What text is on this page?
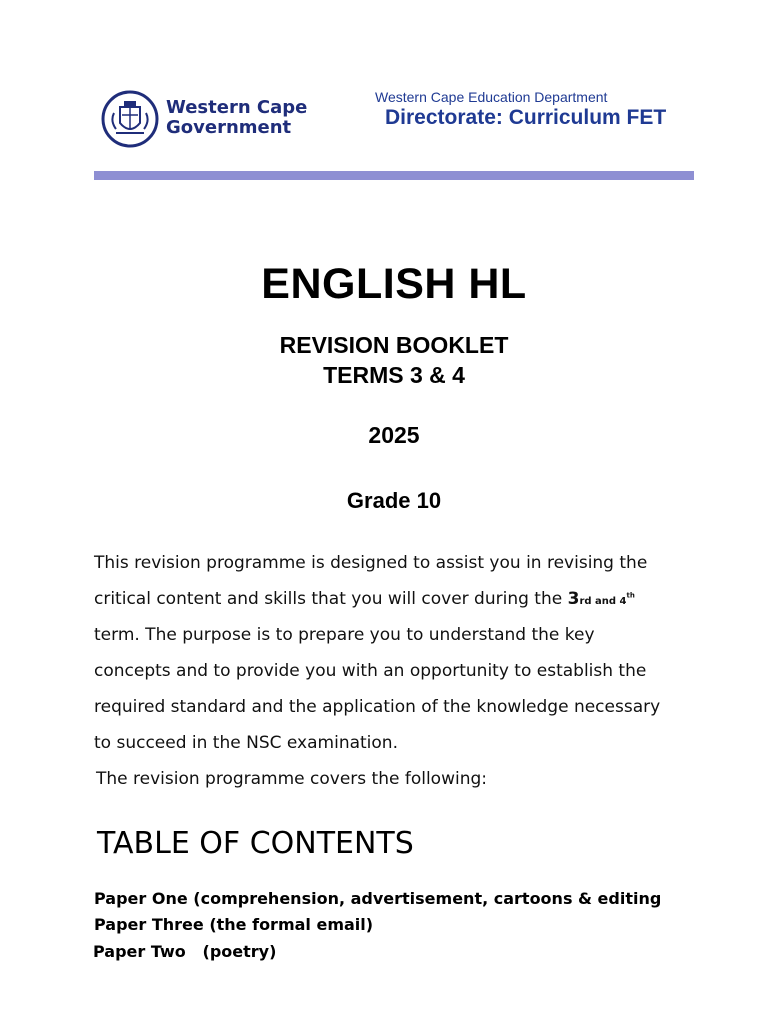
Western Cape
Government
Western Cape Education Department
Directorate: Curriculum FET
ENGLISH HL
REVISION BOOKLET
TERMS 3 & 4
2025
Grade 10
This revision programme is designed to assist you in revising the
critical content and skills that you will cover during the 3rd and 4th
term. The purpose is to prepare you to understand the key
concepts and to provide you with an opportunity to establish the
required standard and the application of the knowledge necessary
to succeed in the NSC examination.
The revision programme covers the following:
TABLE OF CONTENTS
Paper One (comprehension, advertisement, cartoons & editing
Paper Three (the formal email)
Paper Two   (poetry)
